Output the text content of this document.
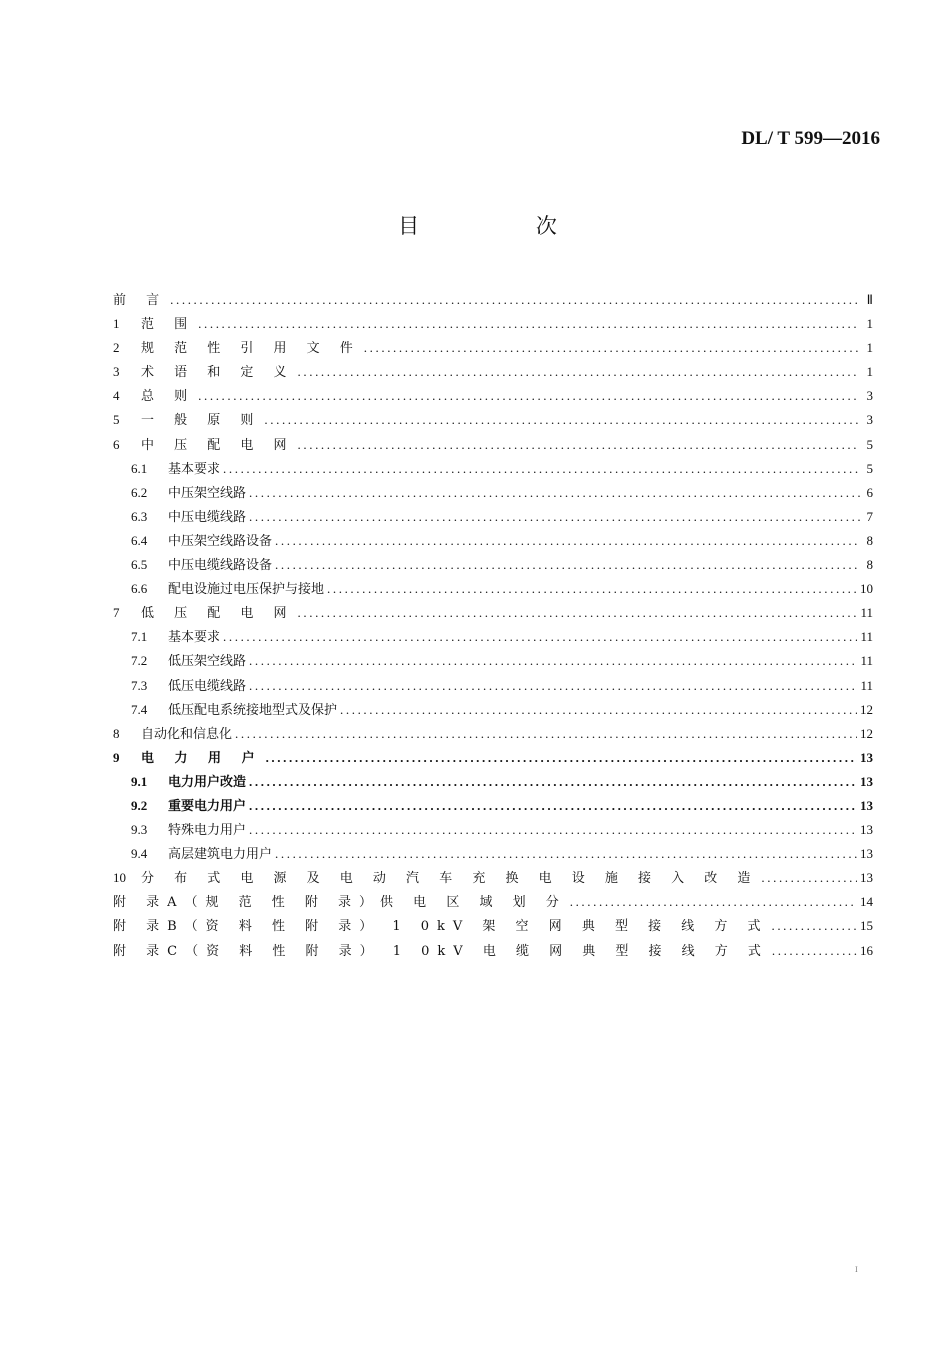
DL/ T 599—2016
目 次
前 言 .....	Ⅱ
1	范 围 .....	1
2	规 范 性 引 用 文 件 .....	1
3	术 语 和 定 义 .....	1
4	总 则 .....	3
5	一 般 原 则 .....	3
6	中 压 配 电 网 .....	5
6.1	基本要求 .....	5
6.2	中压架空线路 .....	6
6.3	中压电缆线路 .....	7
6.4	中压架空线路设备 .....	8
6.5	中压电缆线路设备 .....	8
6.6	配电设施过电压保护与接地 .....	10
7	低 压 配 电 网 .....	11
7.1	基本要求 .....	11
7.2	低压架空线路 .....	11
7.3	低压电缆线路 .....	11
7.4	低压配电系统接地型式及保护 .....	12
8	自动化和信息化 .....	12
9	电 力 用 户 .....	13
9.1	电力用户改造 .....	13
9.2	重要电力用户 .....	13
9.3	特殊电力用户 .....	13
9.4	高层建筑电力用户 .....	13
10	分 布 式 电 源 及 电 动 汽 车 充 换 电 设 施 接 入 改 造 .....	13
附 录A（规 范 性 附 录）供 电 区 域 划 分 .....	14
附 录B（资 料 性 附 录） 1 0kV 架 空 网 典 型 接 线 方 式 .....	15
附 录C（资 料 性 附 录） 1 0kV 电 缆 网 典 型 接 线 方 式 .....	16
I
